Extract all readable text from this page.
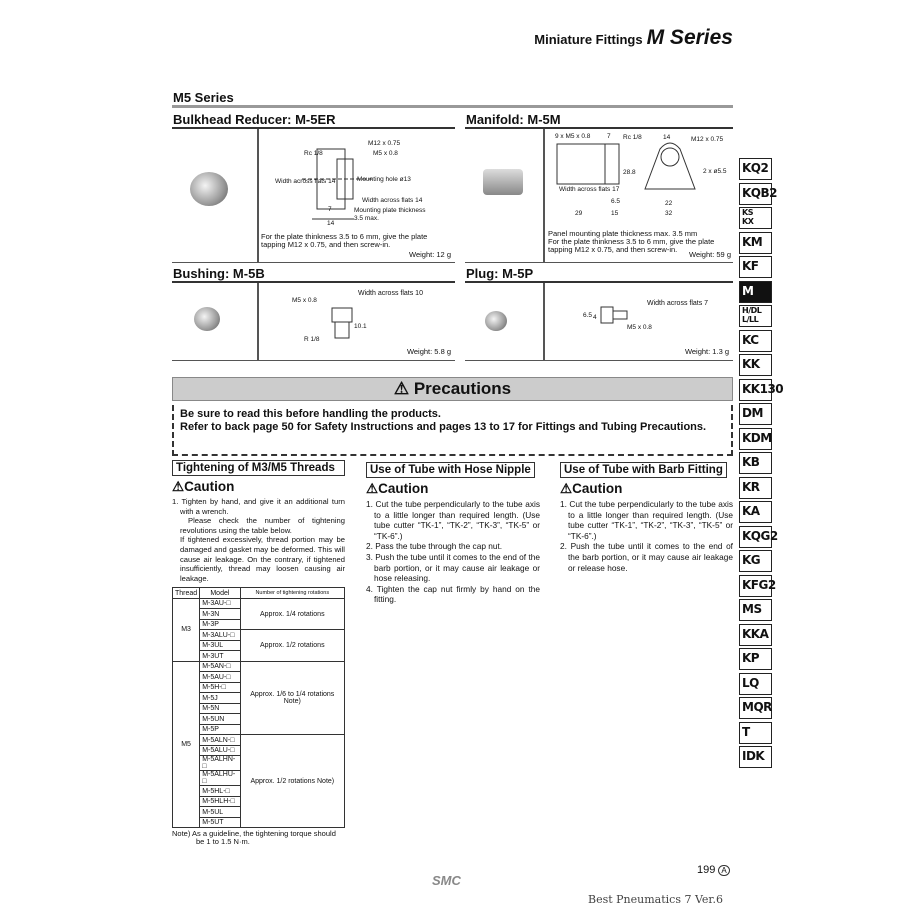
Miniature Fittings M Series
M5 Series
Bulkhead Reducer: M-5ER
M12 x 0.75
Rc 1/8	M5 x 0.8
Width across flats 14	Mounting hole ø13
Width across flats 14
Mounting plate thickness
3.5 max.
7
14
For the plate thinkness 3.5 to 6 mm, give the plate tapping M12 x 0.75, and then screw-in.
Weight: 12 g
Manifold: M-5M
9 x M5 x 0.8	7 Rc 1/8	14	M12 x 0.75
28.8	2 x ø5.5
Width across flats 17
6.5
29	15
22
32
Panel mounting plate thickness max. 3.5 mm
For the plate thinkness 3.5 to 6 mm, give the plate tapping M12 x 0.75, and then screw-in.
Weight: 59 g
Bushing: M-5B
M5 x 0.8
Width across flats 10
10.1
R 1/8
Weight: 5.8 g
Plug: M-5P
Width across flats 7
6.5 4
M5 x 0.8
Weight: 1.3 g
⚠ Precautions
Be sure to read this before handling the products.
Refer to back page 50 for Safety Instructions and pages 13 to 17 for Fittings and Tubing Precautions.
Tightening of M3/M5 Threads
⚠Caution

1. Tighten by hand, and give it an additional turn with a wrench.

Please check the number of tightening revolutions using the table below.

If tightened excessively, thread portion may be damaged and gasket may be deformed. This will cause air leakage. On the contrary, if tightened insufficiently, thread may loosen causing air leakage.

Thread	Model	Number of tightening rotations
M3	M-3AU-□	Approx. 1/4 rotations
	M-3N	
	M-3P	
	M-3ALU-□	Approx. 1/2 rotations
	M-3UL	
	M-3UT	
M5	M-5AN-□	Approx. 1/6 to 1/4 rotations Note)
	M-5AU-□	
	M-5H-□	
	M-5J	
	M-5N	
	M-5UN	
	M-5P	
	M-5ALN-□	Approx. 1/2 rotations Note)
	M-5ALU-□	
	M-5ALHN-□	
	M-5ALHU-□	
	M-5HL-□	
	M-5HLH-□	
	M-5UL	
	M-5UT	
Note) As a guideline, the tightening torque should be 1 to 1.5 N·m.
Use of Tube with Hose Nipple
⚠Caution

1. Cut the tube perpendicularly to the tube axis to a little longer than required length. (Use tube cutter “TK-1”, “TK-2”, “TK-3”, “TK-5” or “TK-6”.)

2. Pass the tube through the cap nut.

3. Push the tube until it comes to the end of the barb portion, or it may cause air leakage or hose releasing.

4. Tighten the cap nut firmly by hand on the fitting.

Use of Tube with Barb Fitting
⚠Caution

1. Cut the tube perpendicularly to the tube axis to a little longer than required length. (Use tube cutter “TK-1”, “TK-2”, “TK-3”, “TK-5” or “TK-6”.)

2. Push the tube until it comes to the end of the barb portion, or it may cause air leakage or release hose.

KQ2
KQB2
KS
KX
KM
KF
M
H/DL
L/LL
KC
KK
KK130
DM
KDM
KB
KR
KA
KQG2
KG
KFG2
MS
KKA
KP
LQ
MQR
T
IDK
199 A
SMC
Best Pneumatics 7 Ver.6
